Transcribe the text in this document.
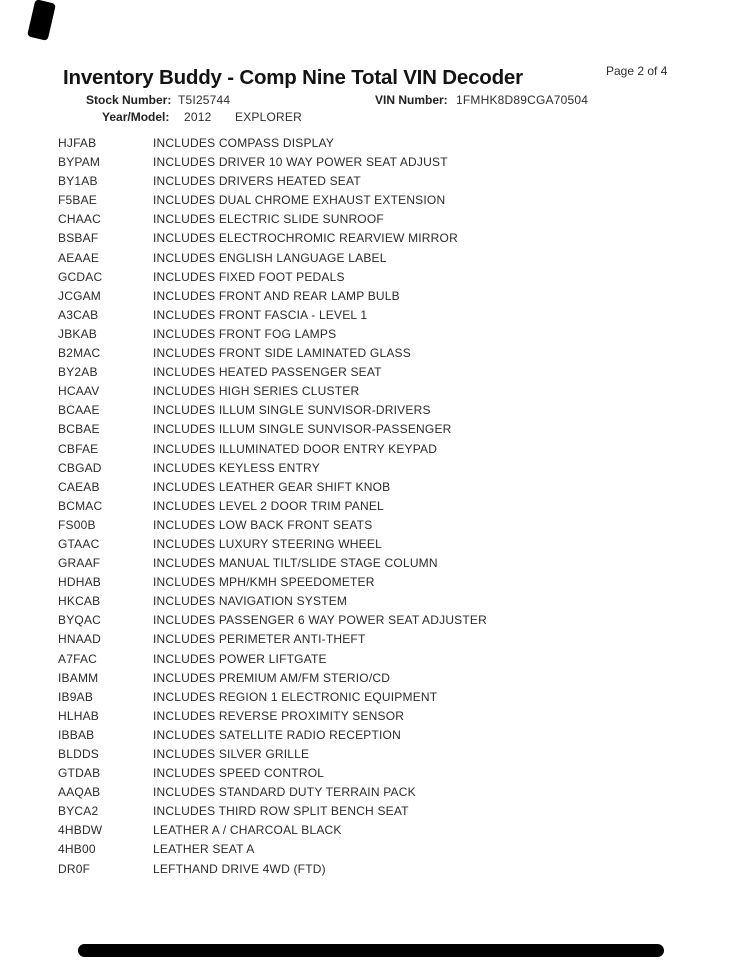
Inventory Buddy - Comp Nine Total VIN Decoder	Page 2 of 4
Stock Number: T5I25744	VIN Number: 1FMHK8D89CGA70504
Year/Model: 2012 EXPLORER
HJFAB	INCLUDES COMPASS DISPLAY
BYPAM	INCLUDES DRIVER 10 WAY POWER SEAT ADJUST
BY1AB	INCLUDES DRIVERS HEATED SEAT
F5BAE	INCLUDES DUAL CHROME EXHAUST EXTENSION
CHAAC	INCLUDES ELECTRIC SLIDE SUNROOF
BSBAF	INCLUDES ELECTROCHROMIC REARVIEW MIRROR
AEAAE	INCLUDES ENGLISH LANGUAGE LABEL
GCDAC	INCLUDES FIXED FOOT PEDALS
JCGAM	INCLUDES FRONT AND REAR LAMP BULB
A3CAB	INCLUDES FRONT FASCIA - LEVEL 1
JBKAB	INCLUDES FRONT FOG LAMPS
B2MAC	INCLUDES FRONT SIDE LAMINATED GLASS
BY2AB	INCLUDES HEATED PASSENGER SEAT
HCAAV	INCLUDES HIGH SERIES CLUSTER
BCAAE	INCLUDES ILLUM SINGLE SUNVISOR-DRIVERS
BCBAE	INCLUDES ILLUM SINGLE SUNVISOR-PASSENGER
CBFAE	INCLUDES ILLUMINATED DOOR ENTRY KEYPAD
CBGAD	INCLUDES KEYLESS ENTRY
CAEAB	INCLUDES LEATHER GEAR SHIFT KNOB
BCMAC	INCLUDES LEVEL 2 DOOR TRIM PANEL
FS00B	INCLUDES LOW BACK FRONT SEATS
GTAAC	INCLUDES LUXURY STEERING WHEEL
GRAAF	INCLUDES MANUAL TILT/SLIDE STAGE COLUMN
HDHAB	INCLUDES MPH/KMH SPEEDOMETER
HKCAB	INCLUDES NAVIGATION SYSTEM
BYQAC	INCLUDES PASSENGER 6 WAY POWER SEAT ADJUSTER
HNAAD	INCLUDES PERIMETER ANTI-THEFT
A7FAC	INCLUDES POWER LIFTGATE
IBAMM	INCLUDES PREMIUM AM/FM STERIO/CD
IB9AB	INCLUDES REGION 1 ELECTRONIC EQUIPMENT
HLHAB	INCLUDES REVERSE PROXIMITY SENSOR
IBBAB	INCLUDES SATELLITE RADIO RECEPTION
BLDDS	INCLUDES SILVER GRILLE
GTDAB	INCLUDES SPEED CONTROL
AAQAB	INCLUDES STANDARD DUTY TERRAIN PACK
BYCA2	INCLUDES THIRD ROW SPLIT BENCH SEAT
4HBDW	LEATHER A / CHARCOAL BLACK
4HB00	LEATHER SEAT A
DR0F	LEFTHAND DRIVE 4WD (FTD)
